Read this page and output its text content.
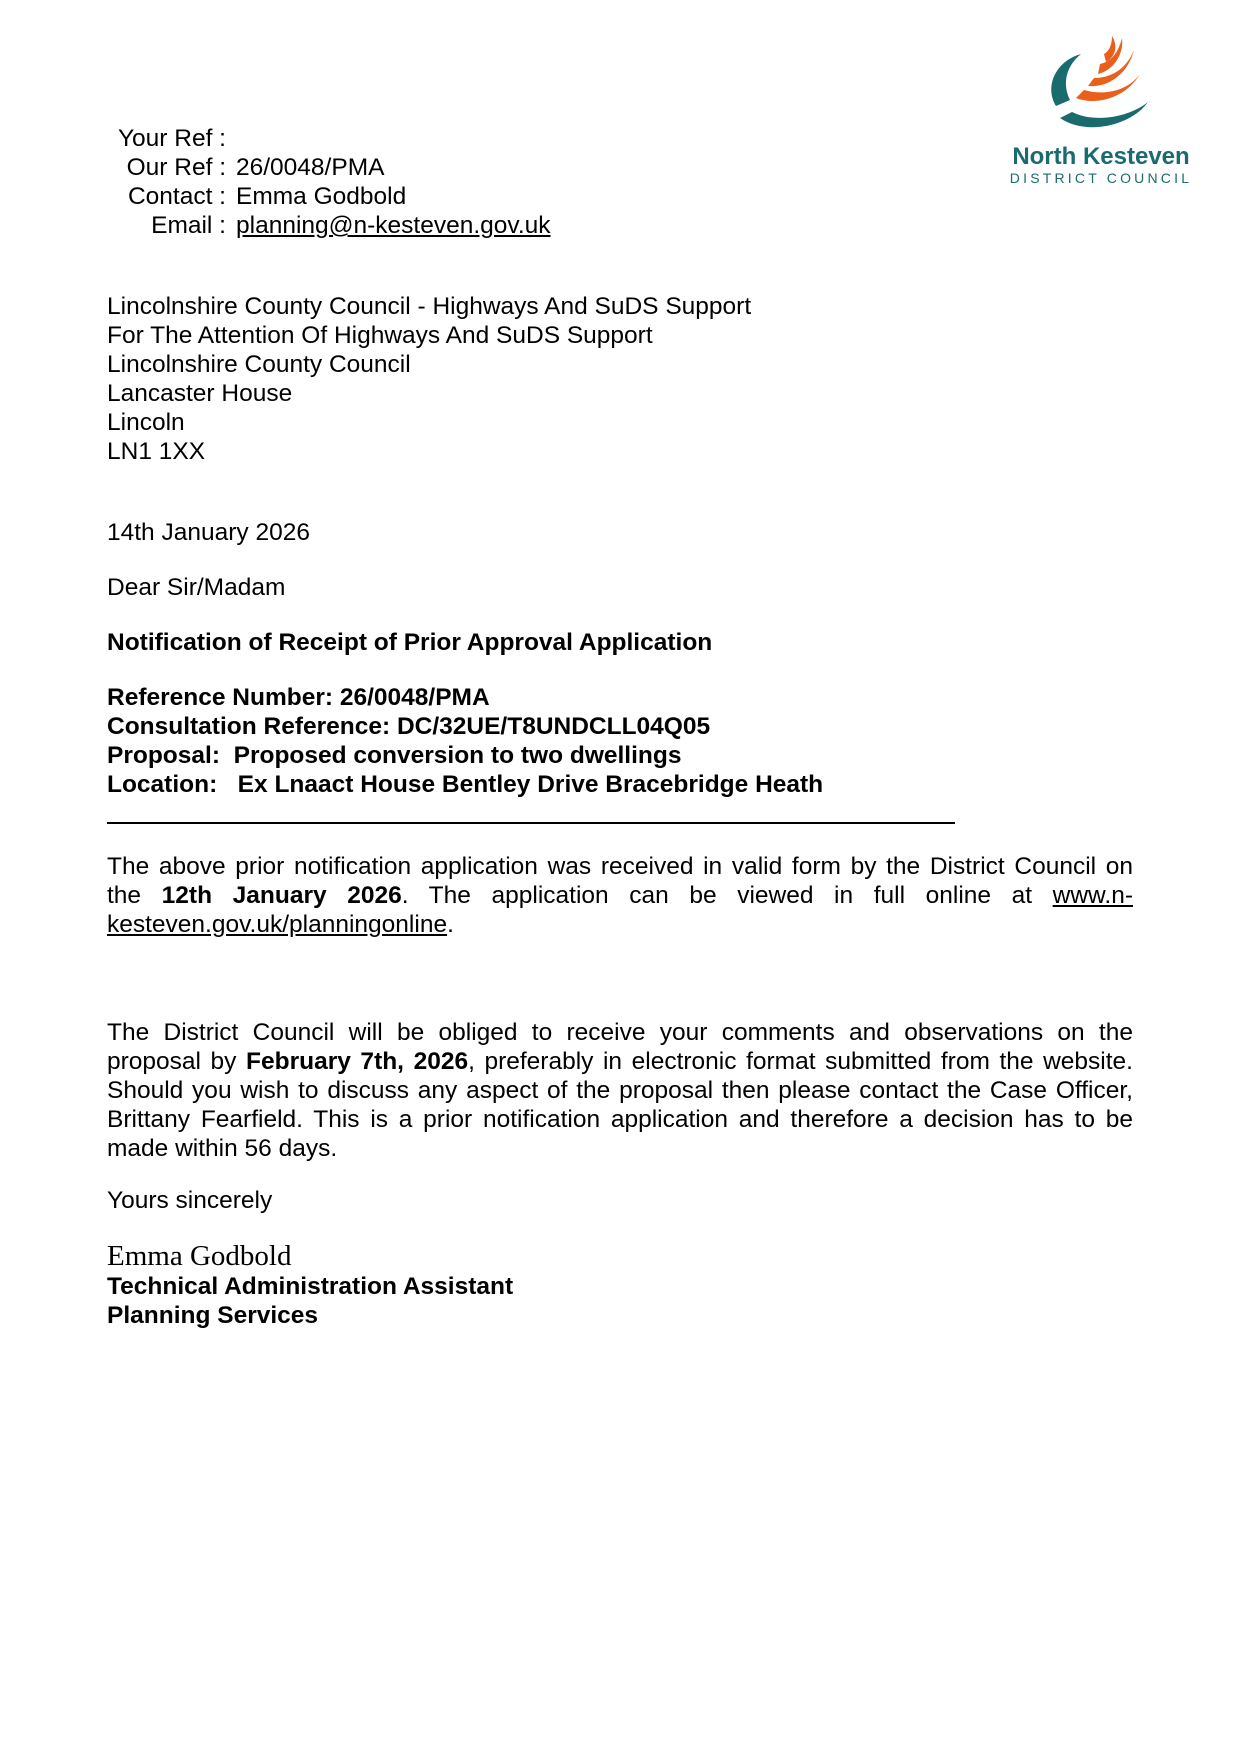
North Kesteven
DISTRICT COUNCIL
Your Ref :
Our Ref : 26/0048/PMA
Contact : Emma Godbold
Email : planning@n-kesteven.gov.uk
Lincolnshire County Council - Highways And SuDS Support
For The Attention Of Highways And SuDS Support
Lincolnshire County Council
Lancaster House
Lincoln
LN1 1XX
14th January 2026
Dear Sir/Madam
Notification of Receipt of Prior Approval Application
Reference Number: 26/0048/PMA
Consultation Reference: DC/32UE/T8UNDCLL04Q05
Proposal: Proposed conversion to two dwellings
Location: Ex Lnaact House Bentley Drive Bracebridge Heath
The above prior notification application was received in valid form by the District Council on the 12th January 2026. The application can be viewed in full online at www.n-kesteven.gov.uk/planningonline.
The District Council will be obliged to receive your comments and observations on the proposal by February 7th, 2026, preferably in electronic format submitted from the website. Should you wish to discuss any aspect of the proposal then please contact the Case Officer, Brittany Fearfield. This is a prior notification application and therefore a decision has to be made within 56 days.
Yours sincerely
Emma Godbold
Technical Administration Assistant
Planning Services
